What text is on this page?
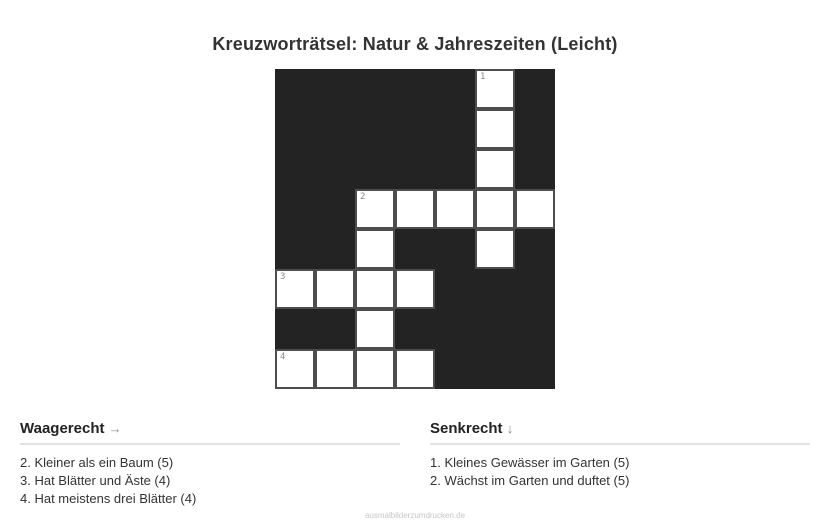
Kreuzworträtsel: Natur & Jahreszeiten (Leicht)
1
2
3
4
Waagerecht →
2. Kleiner als ein Baum (5)
3. Hat Blätter und Äste (4)
4. Hat meistens drei Blätter (4)
Senkrecht ↓
1. Kleines Gewässer im Garten (5)
2. Wächst im Garten und duftet (5)
ausmalbilderzumdrucken.de
